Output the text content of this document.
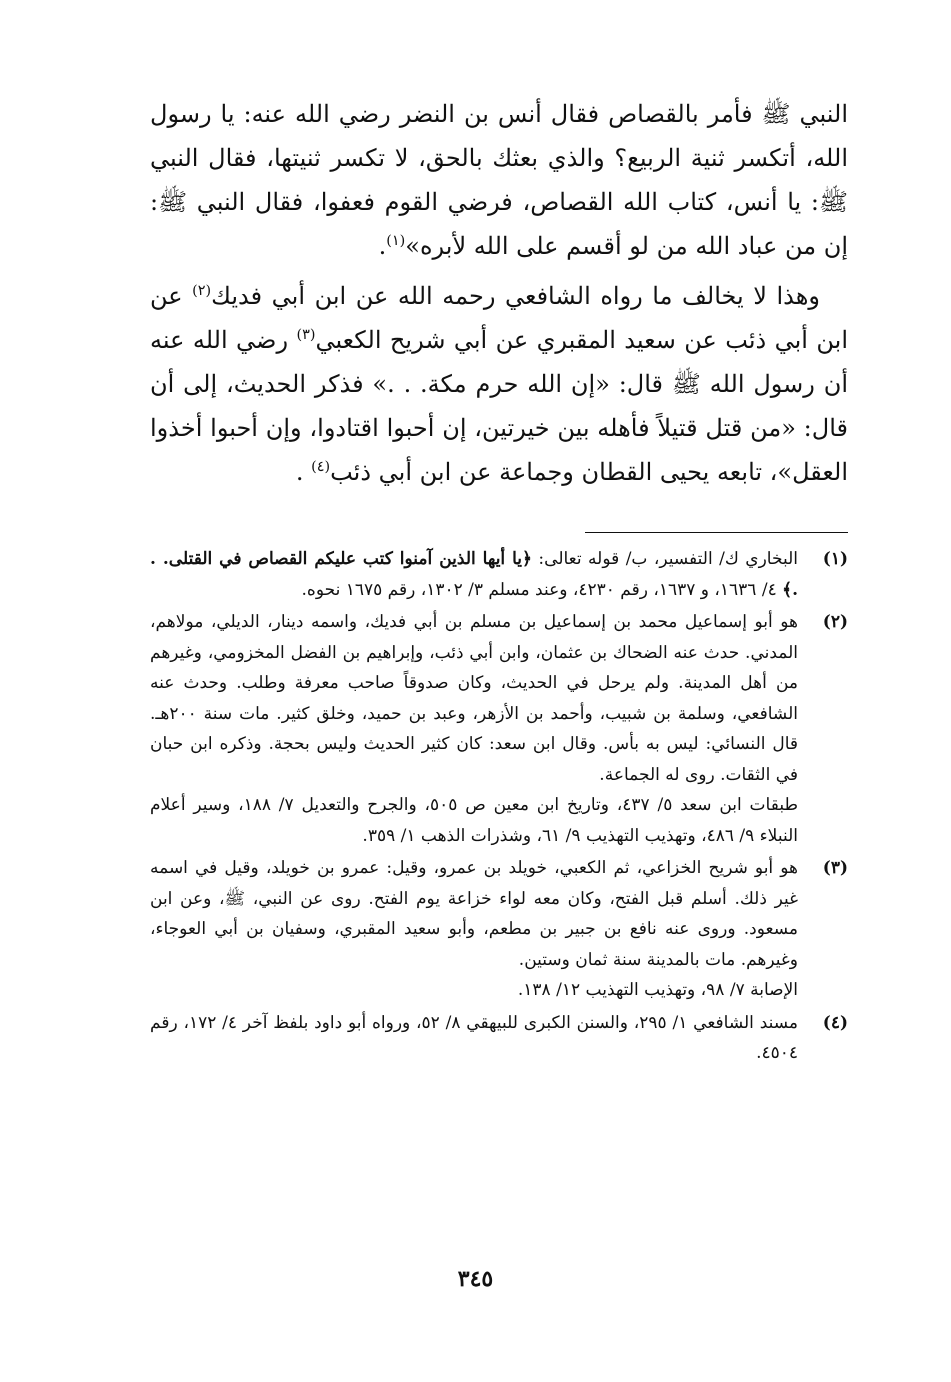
النبي ﷺ فأمر بالقصاص فقال أنس بن النضر رضي الله عنه: يا رسول الله، أتكسر ثنية الربيع؟ والذي بعثك بالحق، لا تكسر ثنيتها، فقال النبي ﷺ: يا أنس، كتاب الله القصاص، فرضي القوم فعفوا، فقال النبي ﷺ: إن من عباد الله من لو أقسم على الله لأبره»$^{(١)}$.

وهذا لا يخالف ما رواه الشافعي رحمه الله عن ابن أبي فديك$^{(٢)}$ عن ابن أبي ذئب عن سعيد المقبري عن أبي شريح الكعبي$^{(٣)}$ رضي الله عنه أن رسول الله ﷺ قال: «إن الله حرم مكة. . .» فذكر الحديث، إلى أن قال: «من قتل قتيلاً فأهله بين خيرتين، إن أحبوا اقتادوا، وإن أحبوا أخذوا العقل»، تابعه يحيى القطان وجماعة عن ابن أبي ذئب$^{(٤)}$ .

(١)

البخاري ك/ التفسير، ب/ قوله تعالى: ﴿يا أيها الذين آمنوا كتب عليكم القصاص في القتلى. . .﴾ ٤/ ١٦٣٦، و ١٦٣٧، رقم ٤٢٣٠، وعند مسلم ٣/ ١٣٠٢، رقم ١٦٧٥ نحوه.

(٢)

هو أبو إسماعيل محمد بن إسماعيل بن مسلم بن أبي فديك، واسمه دينار، الديلي، مولاهم، المدني. حدث عنه الضحاك بن عثمان، وابن أبي ذئب، وإبراهيم بن الفضل المخزومي، وغيرهم من أهل المدينة. ولم يرحل في الحديث، وكان صدوقاً صاحب معرفة وطلب. وحدث عنه الشافعي، وسلمة بن شبيب، وأحمد بن الأزهر، وعبد بن حميد، وخلق كثير. مات سنة ٢٠٠هـ. قال النسائي: ليس به بأس. وقال ابن سعد: كان كثير الحديث وليس بحجة. وذكره ابن حبان في الثقات. روى له الجماعة.

طبقات ابن سعد ٥/ ٤٣٧، وتاريخ ابن معين ص ٥٠٥، والجرح والتعديل ٧/ ١٨٨، وسير أعلام النبلاء ٩/ ٤٨٦، وتهذيب التهذيب ٩/ ٦١، وشذرات الذهب ١/ ٣٥٩.

(٣)

هو أبو شريح الخزاعي، ثم الكعبي، خويلد بن عمرو، وقيل: عمرو بن خويلد، وقيل في اسمه غير ذلك. أسلم قبل الفتح، وكان معه لواء خزاعة يوم الفتح. روى عن النبي، ﷺ، وعن ابن مسعود. وروى عنه نافع بن جبير بن مطعم، وأبو سعيد المقبري، وسفيان بن أبي العوجاء، وغيرهم. مات بالمدينة سنة ثمان وستين.

الإصابة ٧/ ٩٨، وتهذيب التهذيب ١٢/ ١٣٨.

(٤)

مسند الشافعي ١/ ٢٩٥، والسنن الكبرى للبيهقي ٨/ ٥٢، ورواه أبو داود بلفظ آخر ٤/ ١٧٢، رقم ٤٥٠٤.

٣٤٥
